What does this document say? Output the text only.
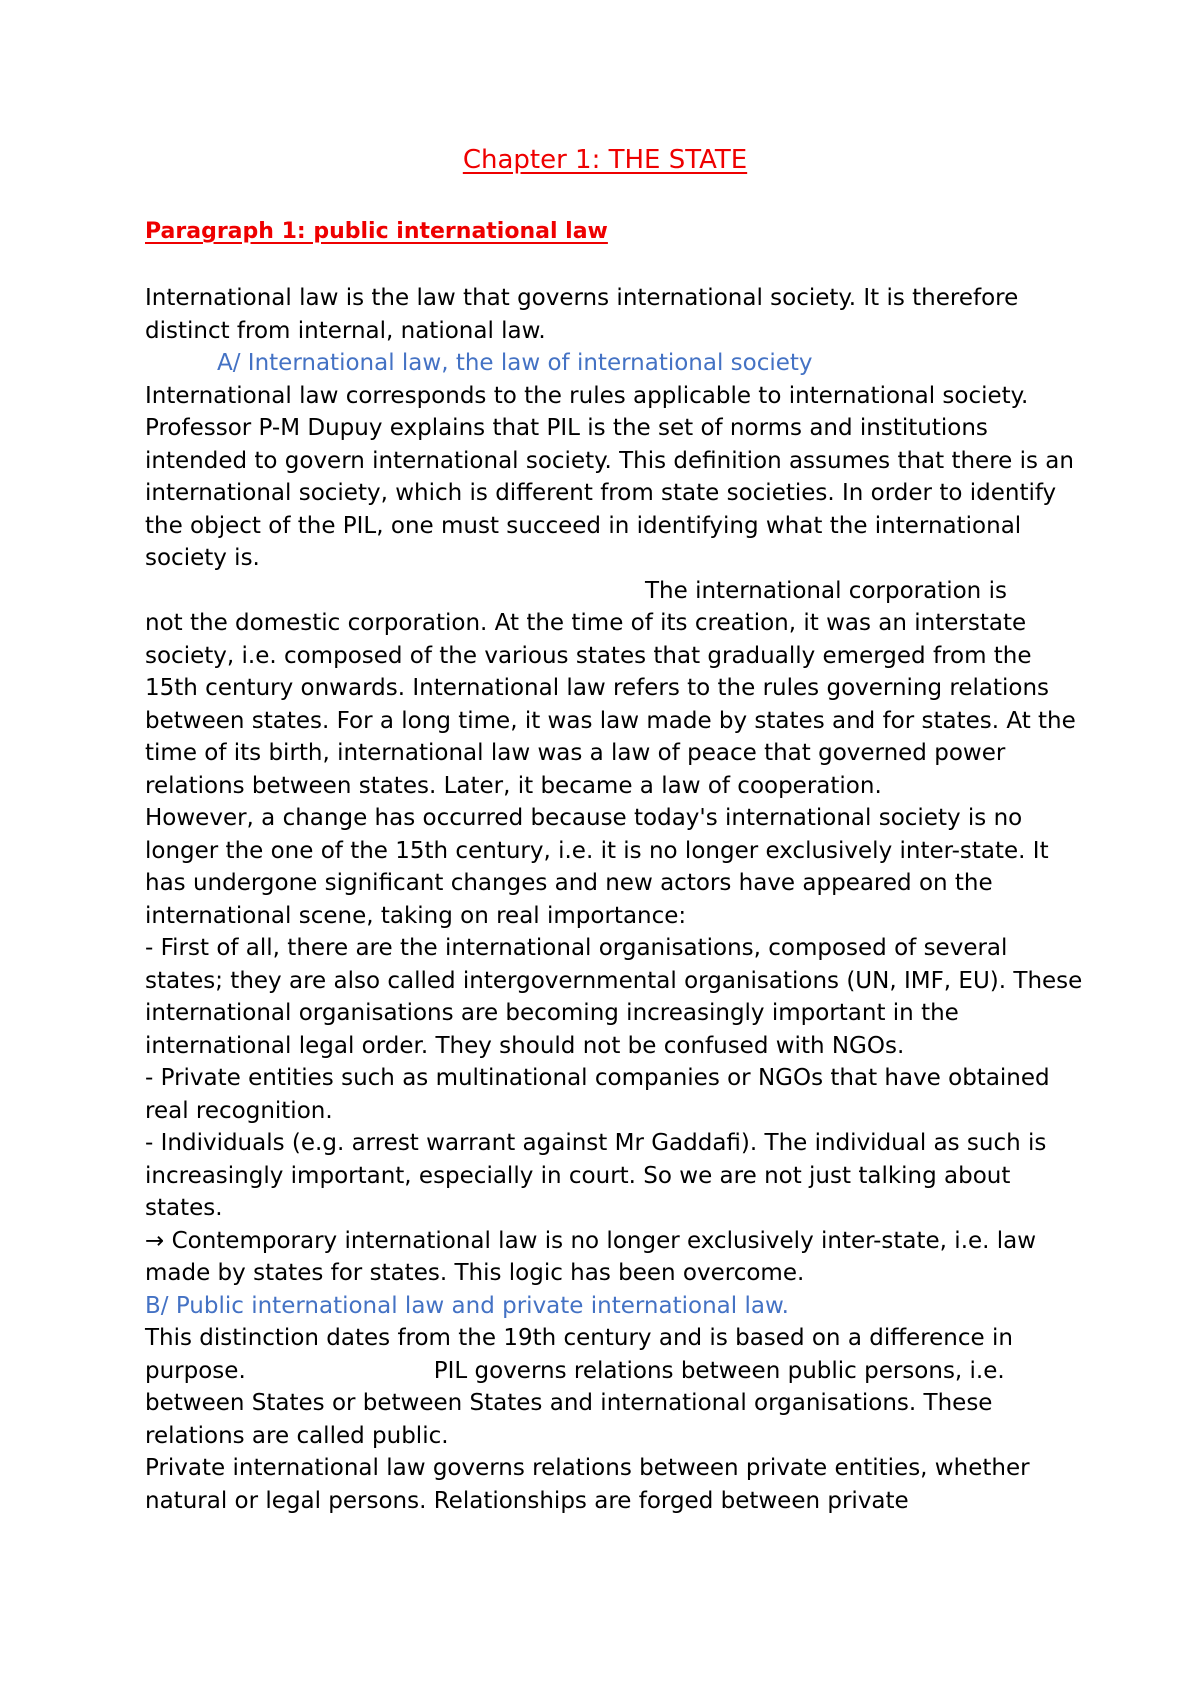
Chapter 1: THE STATE
Paragraph 1: public international law

International law is the law that governs international society. It is therefore distinct from internal, national law.

A/ International law, the law of international society

International law corresponds to the rules applicable to international society. Professor P-M Dupuy explains that PIL is the set of norms and institutions intended to govern international society. This definition assumes that there is an international society, which is different from state societies. In order to identify the object of the PIL, one must succeed in identifying what the international society is.

The international corporation is

not the domestic corporation. At the time of its creation, it was an interstate society, i.e. composed of the various states that gradually emerged from the 15th century onwards. International law refers to the rules governing relations between states. For a long time, it was law made by states and for states. At the time of its birth, international law was a law of peace that governed power relations between states. Later, it became a law of cooperation.

However, a change has occurred because today's international society is no longer the one of the 15th century, i.e. it is no longer exclusively inter-state. It has undergone significant changes and new actors have appeared on the international scene, taking on real importance:

- First of all, there are the international organisations, composed of several states; they are also called intergovernmental organisations (UN, IMF, EU). These international organisations are becoming increasingly important in the international legal order. They should not be confused with NGOs.

- Private entities such as multinational companies or NGOs that have obtained real recognition.

- Individuals (e.g. arrest warrant against Mr Gaddafi). The individual as such is increasingly important, especially in court. So we are not just talking about states.

→ Contemporary international law is no longer exclusively inter-state, i.e. law made by states for states. This logic has been overcome.

B/ Public international law and private international law.

This distinction dates from the 19th century and is based on a difference in purpose.	PIL governs relations between public persons, i.e. between States or between States and international organisations. These relations are called public.

Private international law governs relations between private entities, whether natural or legal persons. Relationships are forged between private
